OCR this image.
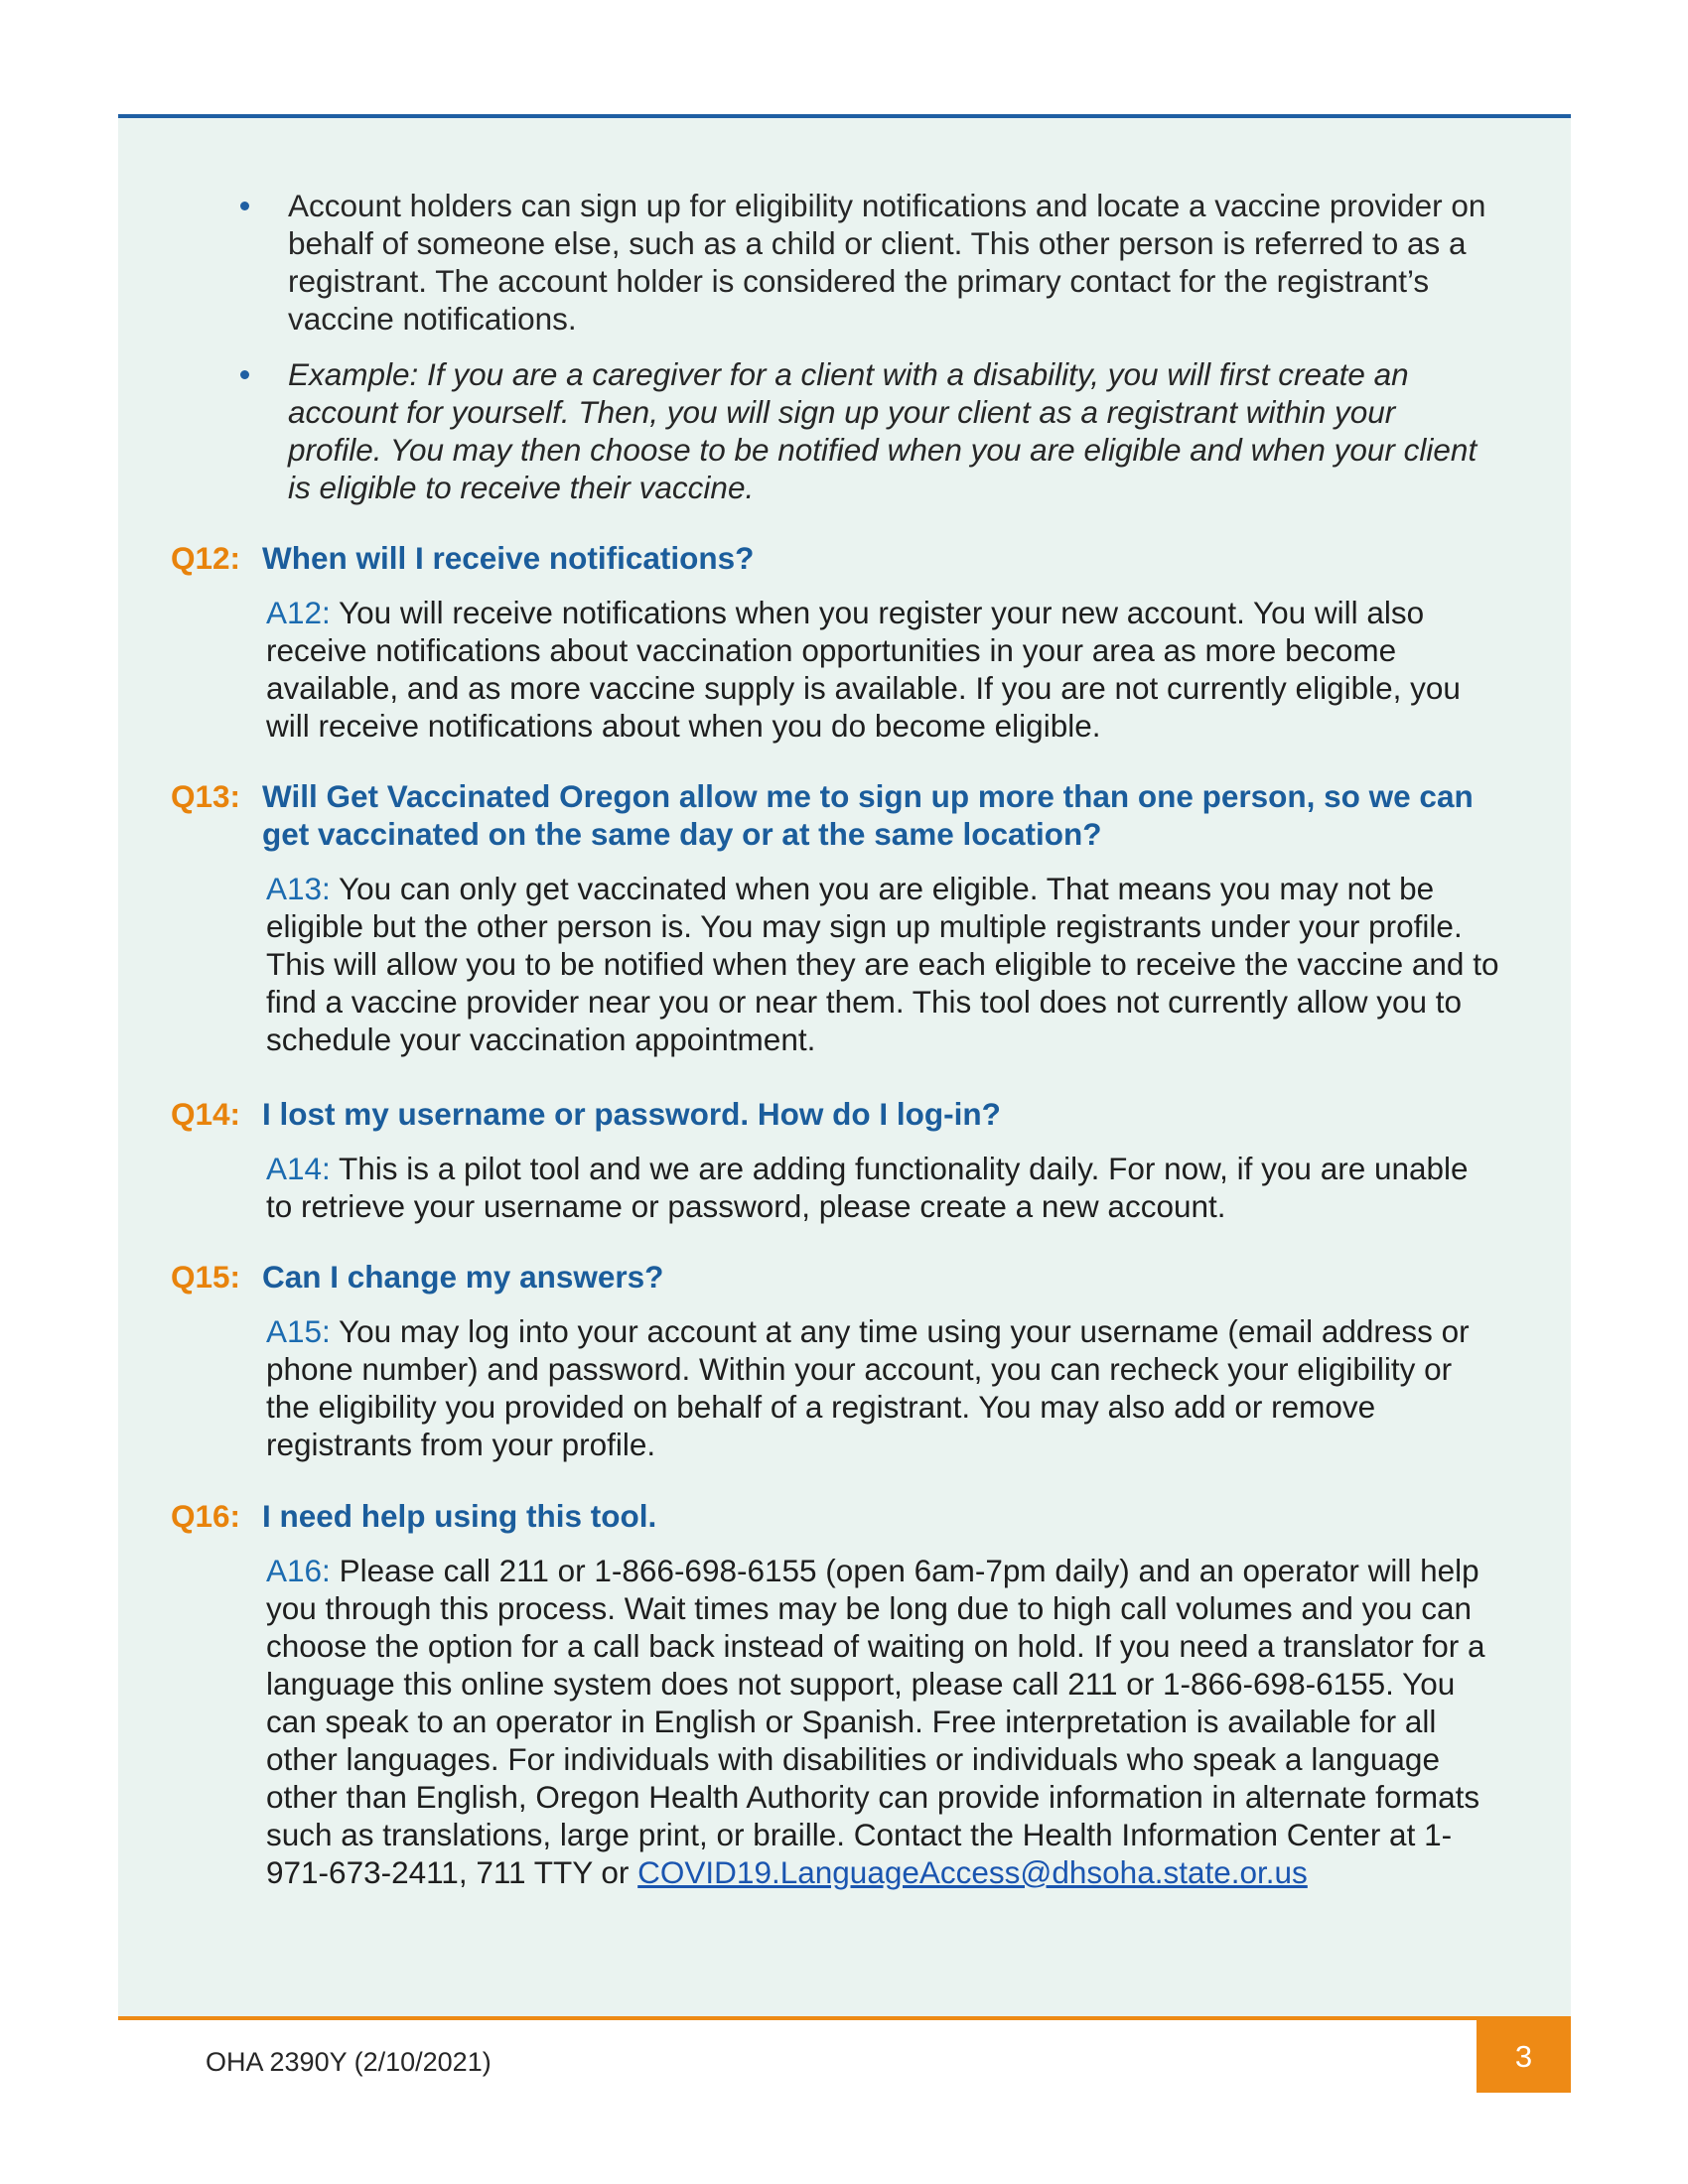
Account holders can sign up for eligibility notifications and locate a vaccine provider on behalf of someone else, such as a child or client. This other person is referred to as a registrant. The account holder is considered the primary contact for the registrant’s vaccine notifications.
Example: If you are a caregiver for a client with a disability, you will first create an account for yourself. Then, you will sign up your client as a registrant within your profile. You may then choose to be notified when you are eligible and when your client is eligible to receive their vaccine.
Q12: When will I receive notifications?
A12: You will receive notifications when you register your new account. You will also receive notifications about vaccination opportunities in your area as more become available, and as more vaccine supply is available. If you are not currently eligible, you will receive notifications about when you do become eligible.
Q13: Will Get Vaccinated Oregon allow me to sign up more than one person, so we can get vaccinated on the same day or at the same location?
A13: You can only get vaccinated when you are eligible. That means you may not be eligible but the other person is. You may sign up multiple registrants under your profile. This will allow you to be notified when they are each eligible to receive the vaccine and to find a vaccine provider near you or near them. This tool does not currently allow you to schedule your vaccination appointment.
Q14: I lost my username or password. How do I log-in?
A14: This is a pilot tool and we are adding functionality daily. For now, if you are unable to retrieve your username or password, please create a new account.
Q15: Can I change my answers?
A15: You may log into your account at any time using your username (email address or phone number) and password. Within your account, you can recheck your eligibility or the eligibility you provided on behalf of a registrant. You may also add or remove registrants from your profile.
Q16: I need help using this tool.
A16: Please call 211 or 1-866-698-6155 (open 6am-7pm daily) and an operator will help you through this process. Wait times may be long due to high call volumes and you can choose the option for a call back instead of waiting on hold. If you need a translator for a language this online system does not support, please call 211 or 1-866-698-6155. You can speak to an operator in English or Spanish. Free interpretation is available for all other languages. For individuals with disabilities or individuals who speak a language other than English, Oregon Health Authority can provide information in alternate formats such as translations, large print, or braille. Contact the Health Information Center at 1-971-673-2411, 711 TTY or COVID19.LanguageAccess@dhsoha.state.or.us
OHA 2390Y (2/10/2021)	3
